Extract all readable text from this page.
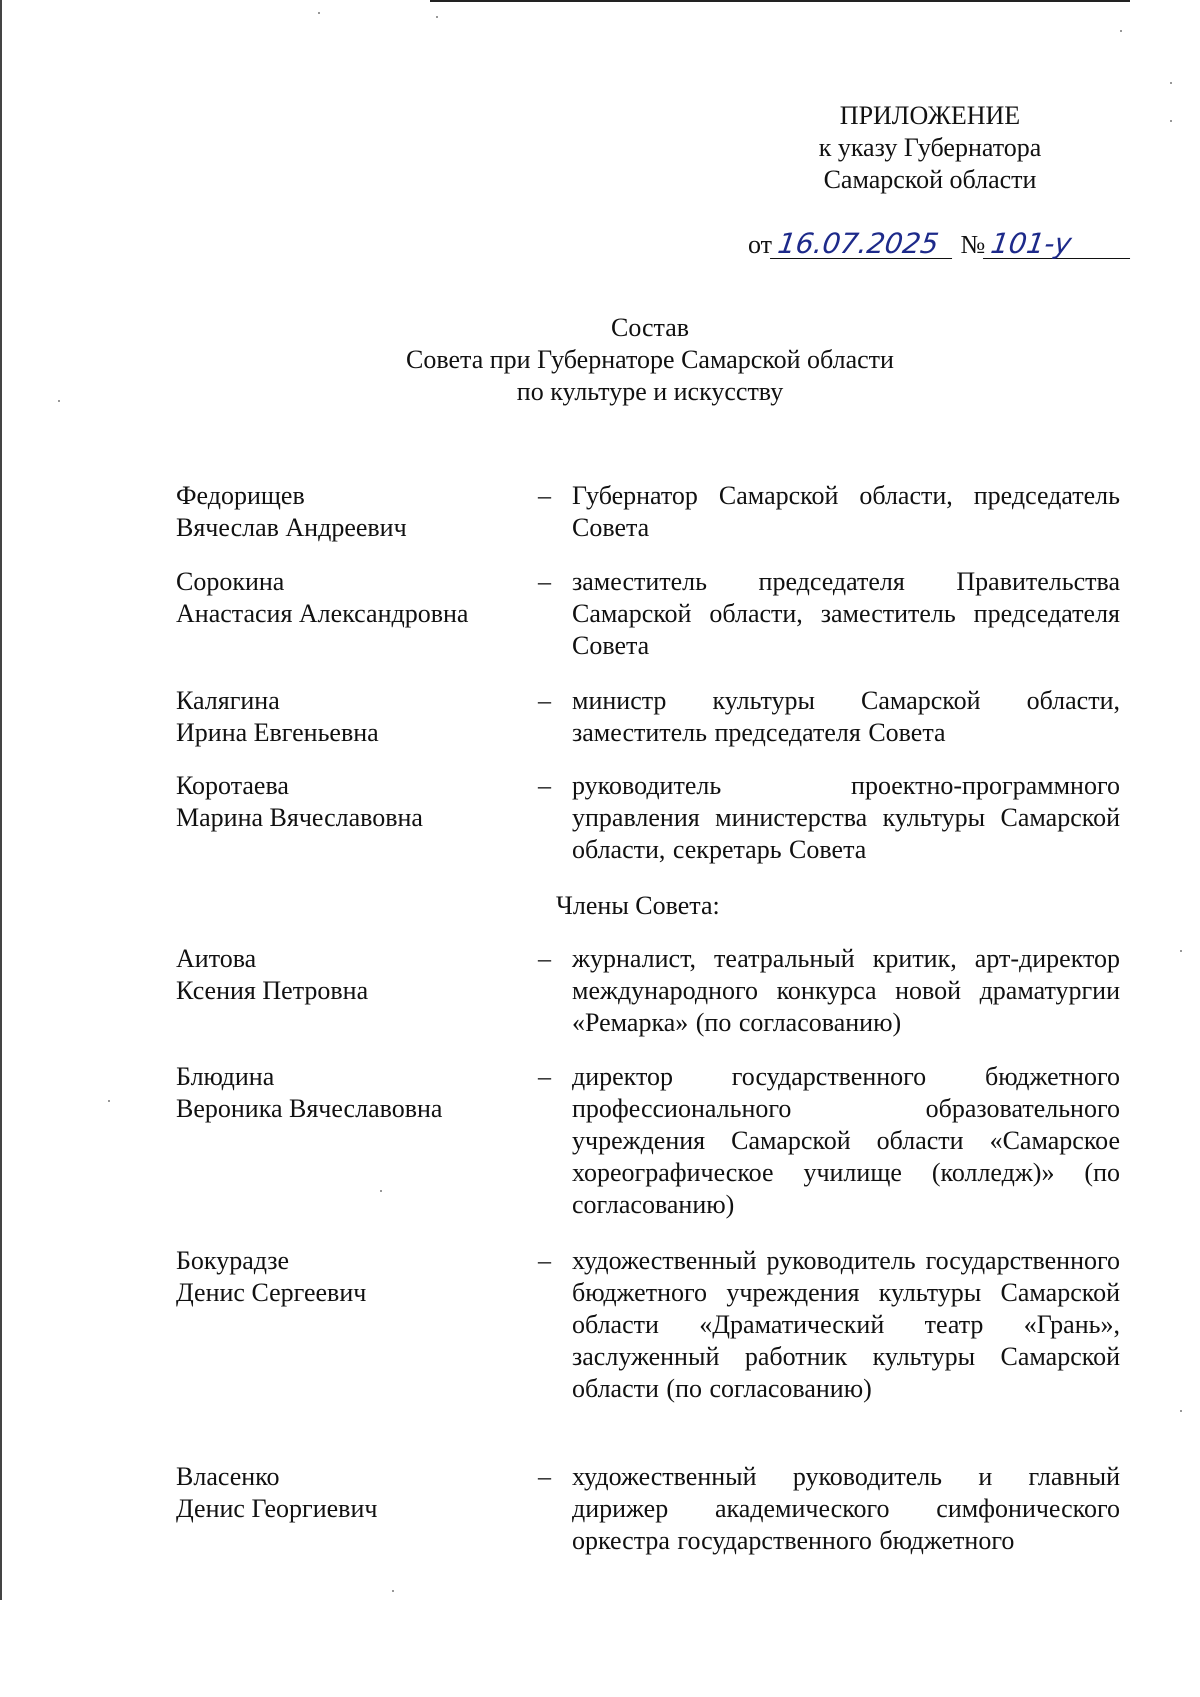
ПРИЛОЖЕНИЕ
к указу Губернатора
Самарской области
от 16.07.2025 № 101-у
Состав
Совета при Губернаторе Самарской области
по культуре и искусству
Федорищев
Вячеслав Андреевич
– Губернатор Самарской области, председатель Совета
Сорокина
Анастасия Александровна
– заместитель председателя Правительства Самарской области, заместитель председателя Совета
Калягина
Ирина Евгеньевна
– министр культуры Самарской области, заместитель председателя Совета
Коротаева
Марина Вячеславовна
– руководитель проектно-программного управления министерства культуры Самарской области, секретарь Совета
Члены Совета:
Аитова
Ксения Петровна
– журналист, театральный критик, арт-директор международного конкурса новой драматургии «Ремарка» (по согласованию)
Блюдина
Вероника Вячеславовна
– директор государственного бюджетного профессионального образовательного учреждения Самарской области «Самарское хореографическое училище (колледж)» (по согласованию)
Бокурадзе
Денис Сергеевич
– художественный руководитель государственного бюджетного учреждения культуры Самарской области «Драматический театр «Грань», заслуженный работник культуры Самарской области (по согласованию)
Власенко
Денис Георгиевич
– художественный руководитель и главный дирижер академического симфонического оркестра государственного бюджетного
